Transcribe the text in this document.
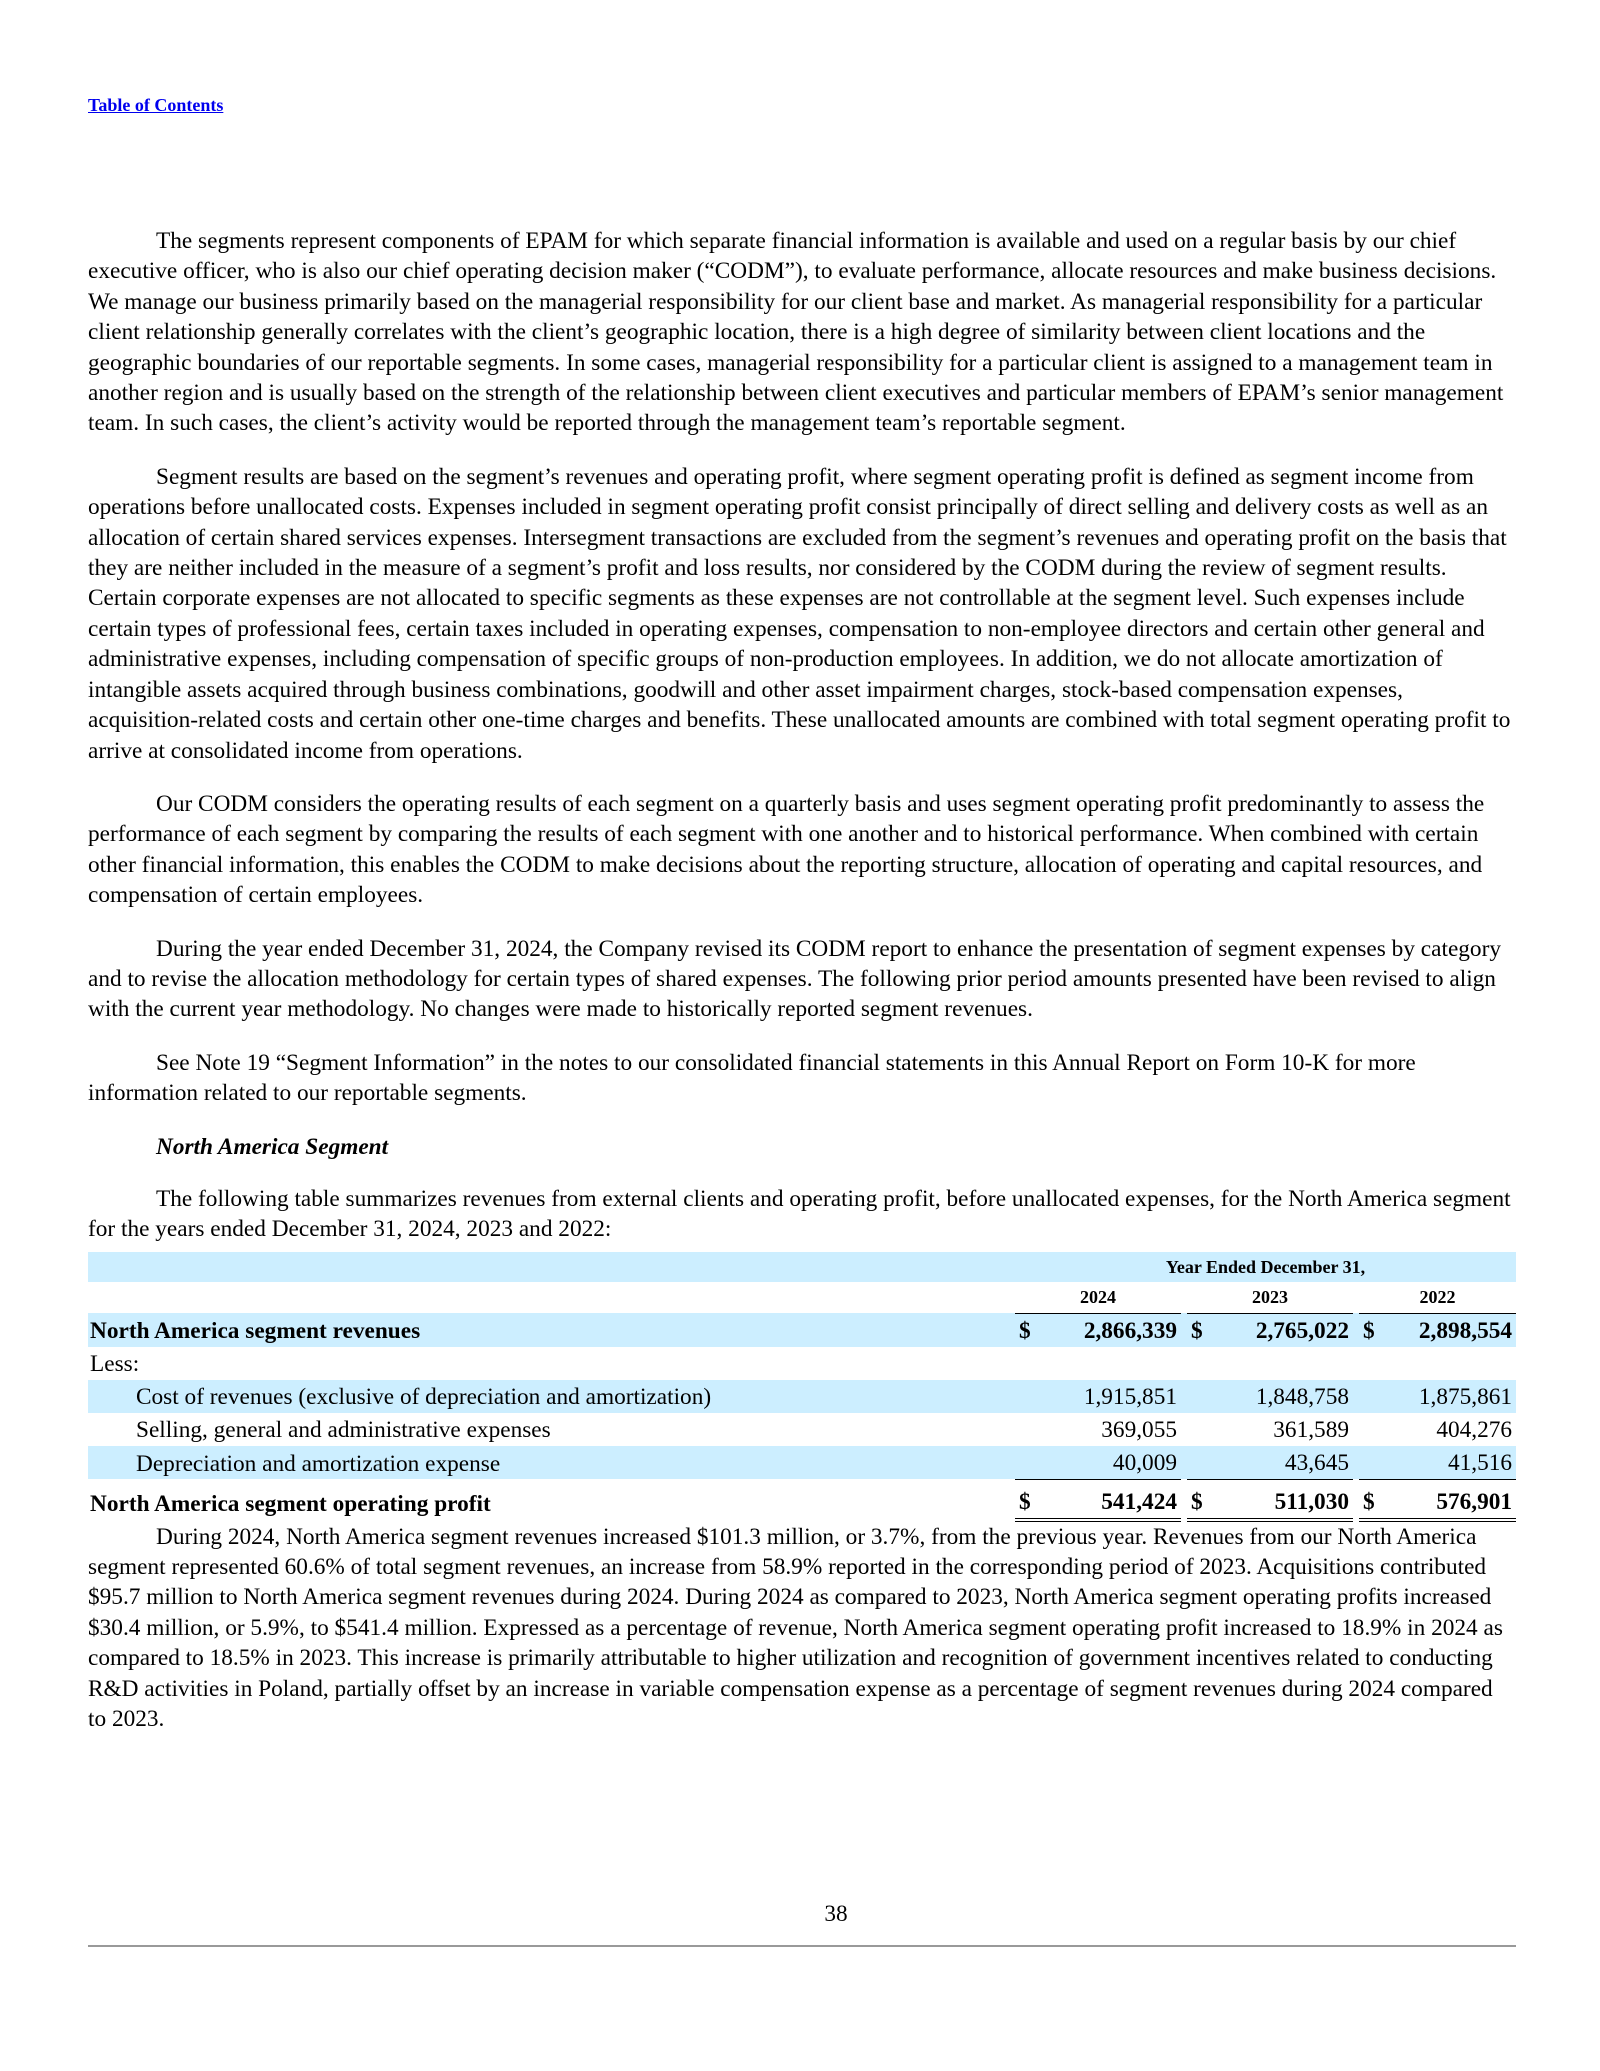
Table of Contents

The segments represent components of EPAM for which separate financial information is available and used on a regular basis by our chief executive officer, who is also our chief operating decision maker (“CODM”), to evaluate performance, allocate resources and make business decisions. We manage our business primarily based on the managerial responsibility for our client base and market. As managerial responsibility for a particular client relationship generally correlates with the client’s geographic location, there is a high degree of similarity between client locations and the geographic boundaries of our reportable segments. In some cases, managerial responsibility for a particular client is assigned to a management team in another region and is usually based on the strength of the relationship between client executives and particular members of EPAM’s senior management team. In such cases, the client’s activity would be reported through the management team’s reportable segment.

Segment results are based on the segment’s revenues and operating profit, where segment operating profit is defined as segment income from operations before unallocated costs. Expenses included in segment operating profit consist principally of direct selling and delivery costs as well as an allocation of certain shared services expenses. Intersegment transactions are excluded from the segment’s revenues and operating profit on the basis that they are neither included in the measure of a segment’s profit and loss results, nor considered by the CODM during the review of segment results. Certain corporate expenses are not allocated to specific segments as these expenses are not controllable at the segment level. Such expenses include certain types of professional fees, certain taxes included in operating expenses, compensation to non-employee directors and certain other general and administrative expenses, including compensation of specific groups of non-production employees. In addition, we do not allocate amortization of intangible assets acquired through business combinations, goodwill and other asset impairment charges, stock-based compensation expenses, acquisition-related costs and certain other one-time charges and benefits. These unallocated amounts are combined with total segment operating profit to arrive at consolidated income from operations.

Our CODM considers the operating results of each segment on a quarterly basis and uses segment operating profit predominantly to assess the performance of each segment by comparing the results of each segment with one another and to historical performance. When combined with certain other financial information, this enables the CODM to make decisions about the reporting structure, allocation of operating and capital resources, and compensation of certain employees.

During the year ended December 31, 2024, the Company revised its CODM report to enhance the presentation of segment expenses by category and to revise the allocation methodology for certain types of shared expenses. The following prior period amounts presented have been revised to align with the current year methodology. No changes were made to historically reported segment revenues.

See Note 19 “Segment Information” in the notes to our consolidated financial statements in this Annual Report on Form 10-K for more information related to our reportable segments.

North America Segment

The following table summarizes revenues from external clients and operating profit, before unallocated expenses, for the North America segment for the years ended December 31, 2024, 2023 and 2022:

		Year Ended December 31,							
		2024			2023			2022	
North America segment revenues		$	2,866,339		$	2,765,022		$	2,898,554
Less:									
Cost of revenues (exclusive of depreciation and amortization)			1,915,851			1,848,758			1,875,861
Selling, general and administrative expenses			369,055			361,589			404,276
Depreciation and amortization expense			40,009			43,645			41,516
North America segment operating profit		$	541,424		$	511,030		$	576,901

During 2024, North America segment revenues increased $101.3 million, or 3.7%, from the previous year. Revenues from our North America segment represented 60.6% of total segment revenues, an increase from 58.9% reported in the corresponding period of 2023. Acquisitions contributed $95.7 million to North America segment revenues during 2024. During 2024 as compared to 2023, North America segment operating profits increased $30.4 million, or 5.9%, to $541.4 million. Expressed as a percentage of revenue, North America segment operating profit increased to 18.9% in 2024 as compared to 18.5% in 2023. This increase is primarily attributable to higher utilization and recognition of government incentives related to conducting R&D activities in Poland, partially offset by an increase in variable compensation expense as a percentage of segment revenues during 2024 compared to 2023.

38
